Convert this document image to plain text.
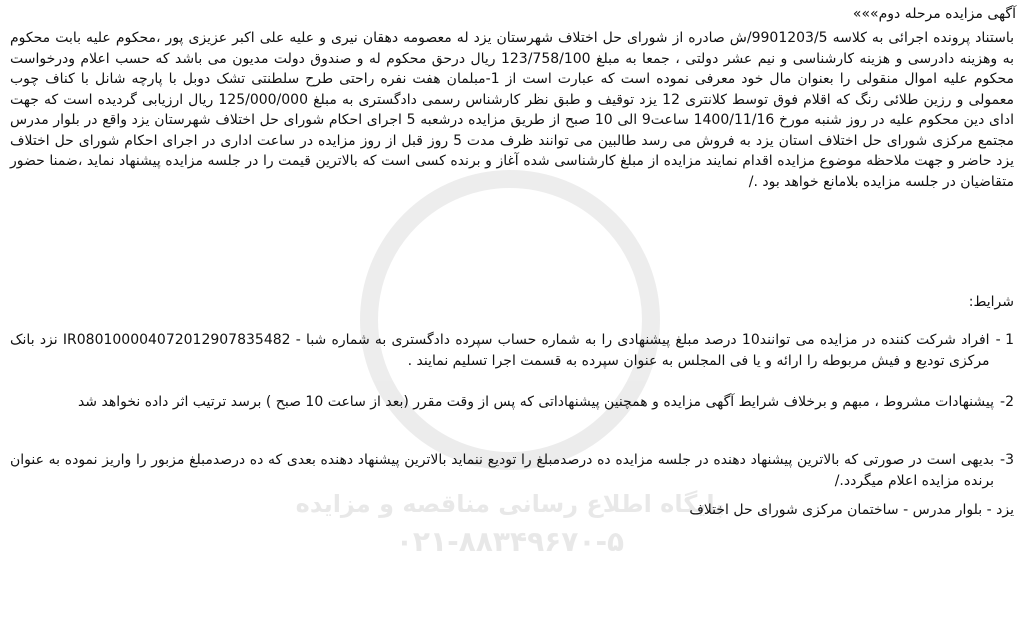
پایگاه اطلاع رسانی مناقصه و مزایده
۰۲۱-۸۸۳۴۹۶۷۰-۵
آگهی مزایده مرحله دوم»»»
باستناد پرونده اجرائی به کلاسه 9901203/5/ش صادره از شورای حل اختلاف شهرستان یزد له معصومه دهقان نیری و علیه علی اکبر عزیزی پور ،محکوم علیه بابت محکوم به وهزینه دادرسی و هزینه کارشناسی و نیم عشر دولتی ، جمعا به مبلغ 123/758/100 ریال درحق محکوم له و صندوق دولت مدیون می باشد که حسب اعلام ودرخواست محکوم علیه اموال منقولی را بعنوان مال خود معرفی نموده است که عبارت است از 1-مبلمان هفت نفره راحتی طرح سلطنتی تشک دوبل با پارچه شانل با کناف چوب معمولی و رزین طلائی رنگ که اقلام فوق توسط کلانتری 12 یزد توقیف و طبق نظر کارشناس رسمی دادگستری به مبلغ 125/000/000 ریال ارزیابی گردیده است که جهت ادای دین محکوم علیه در روز شنبه مورخ 1400/11/16 ساعت9 الی 10 صبح از طریق مزایده درشعبه 5 اجرای احکام شورای حل اختلاف شهرستان یزد واقع در بلوار مدرس مجتمع مرکزی شورای حل اختلاف استان یزد به فروش می رسد طالبین می توانند ظرف مدت 5 روز قبل از روز مزایده در ساعت اداری در اجرای احکام شورای حل اختلاف یزد حاضر و جهت ملاحظه موضوع مزایده اقدام نمایند مزایده از مبلغ کارشناسی شده آغاز و برنده کسی است که بالاترین قیمت را در جلسه مزایده پیشنهاد نماید ،ضمنا حضور متقاضیان در جلسه مزایده بلامانع خواهد بود ./
شرایط:
1 -
افراد شرکت کننده در مزایده می توانند10 درصد مبلغ پیشنهادی را به شماره حساب سپرده دادگستری به شماره شبا - IR080100004072012907835482 نزد بانک مرکزی تودیع و فیش مربوطه را ارائه و یا فی المجلس به عنوان سپرده به قسمت اجرا تسلیم نمایند .
2-
پیشنهادات مشروط ، مبهم و برخلاف شرایط آگهی مزایده و همچنین پیشنهاداتی که پس از وقت مقرر (بعد از ساعت 10 صبح ) برسد ترتیب اثر داده نخواهد شد
3-
بدیهی است در صورتی که بالاترین پیشنهاد دهنده در جلسه مزایده ده درصدمبلغ را تودیع ننماید بالاترین پیشنهاد دهنده بعدی که ده درصدمبلغ مزبور را واریز نموده به عنوان برنده مزایده اعلام میگردد./
یزد - بلوار مدرس - ساختمان مرکزی شورای حل اختلاف
